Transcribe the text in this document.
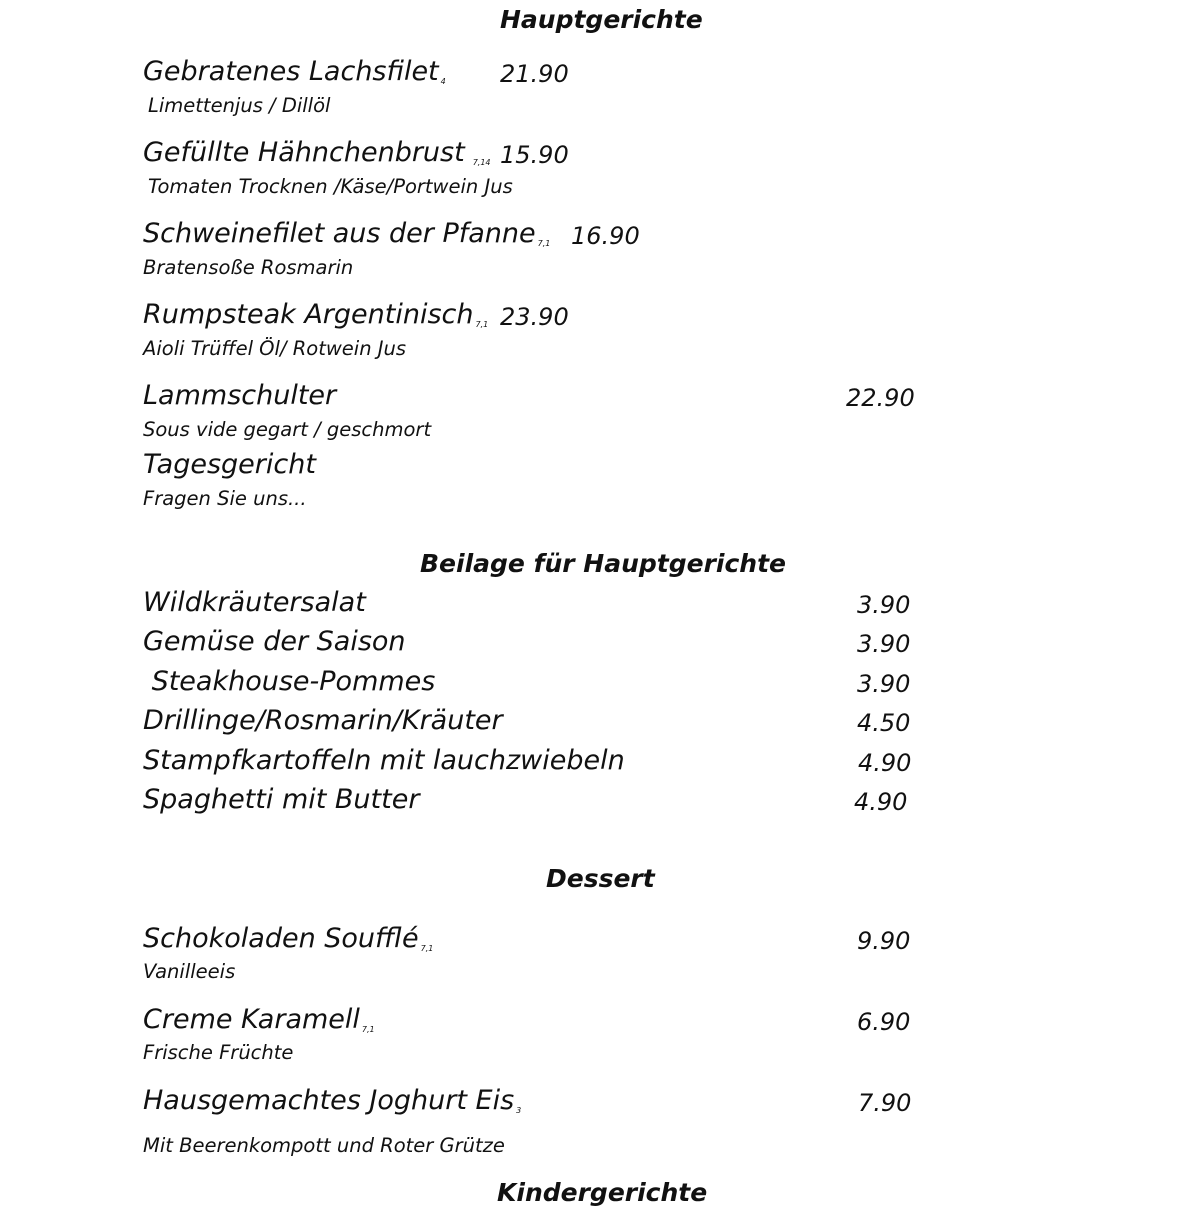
Hauptgerichte
Gebratenes Lachsfilet $_4$ 21.90
Limettenjus / Dillöl
Gefüllte Hähnchenbrust $_{7,14}$ 15.90
Tomaten Trocknen /Käse/Portwein Jus
Schweinefilet aus der Pfanne $_{7,1}$ 16.90
Bratensoße Rosmarin
Rumpsteak Argentinisch $_{7,1}$ 23.90
Aioli Trüffel Öl/ Rotwein Jus
Lammschulter	22.90
Sous vide gegart / geschmort
Tagesgericht
Fragen Sie uns...
Beilage für Hauptgerichte
Wildkräutersalat	3.90
Gemüse der Saison	3.90
Steakhouse-Pommes	3.90
Drillinge/Rosmarin/Kräuter	4.50
Stampfkartoffeln mit lauchzwiebeln	4.90
Spaghetti mit Butter	4.90
Dessert
Schokoladen Soufflé $_{7,1}$	9.90
Vanilleeis
Creme Karamell $_{7,1}$	6.90
Frische Früchte
Hausgemachtes Joghurt Eis $_3$	7.90
Mit Beerenkompott und Roter Grütze
Kindergerichte
